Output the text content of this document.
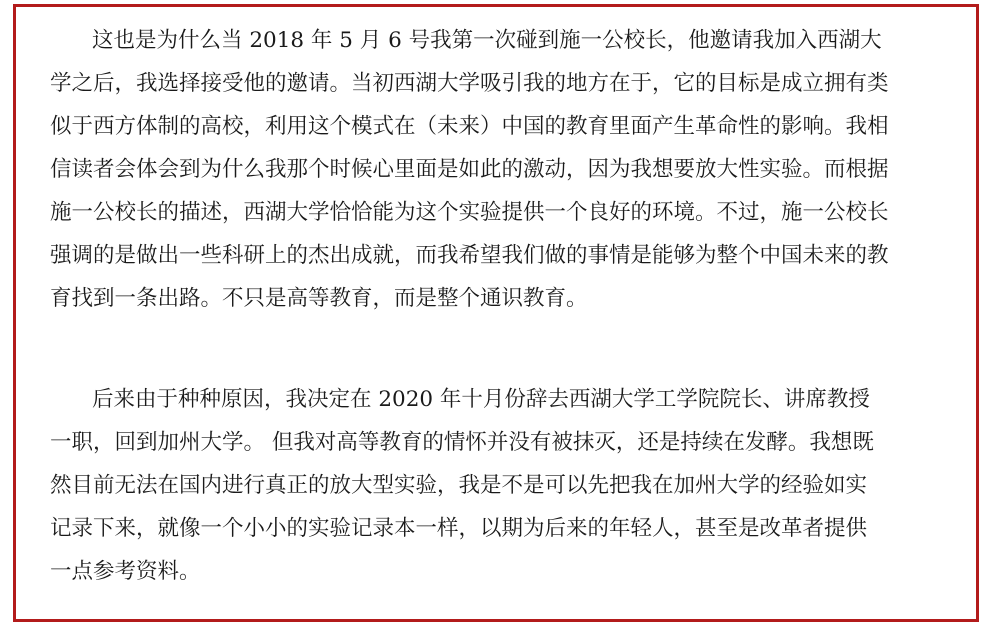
这也是为什么当 2018 年 5 月 6 号我第一次碰到施一公校长，他邀请我加入西湖大
学之后，我选择接受他的邀请。当初西湖大学吸引我的地方在于，它的目标是成立拥有类
似于西方体制的高校，利用这个模式在（未来）中国的教育里面产生革命性的影响。我相
信读者会体会到为什么我那个时候心里面是如此的激动，因为我想要放大性实验。而根据
施一公校长的描述，西湖大学恰恰能为这个实验提供一个良好的环境。不过，施一公校长
强调的是做出一些科研上的杰出成就，而我希望我们做的事情是能够为整个中国未来的教
育找到一条出路。不只是高等教育，而是整个通识教育。
后来由于种种原因，我决定在 2020 年十月份辞去西湖大学工学院院长、讲席教授
一职，回到加州大学。 但我对高等教育的情怀并没有被抹灭，还是持续在发酵。我想既
然目前无法在国内进行真正的放大型实验，我是不是可以先把我在加州大学的经验如实
记录下来，就像一个小小的实验记录本一样，以期为后来的年轻人，甚至是改革者提供
一点参考资料。
